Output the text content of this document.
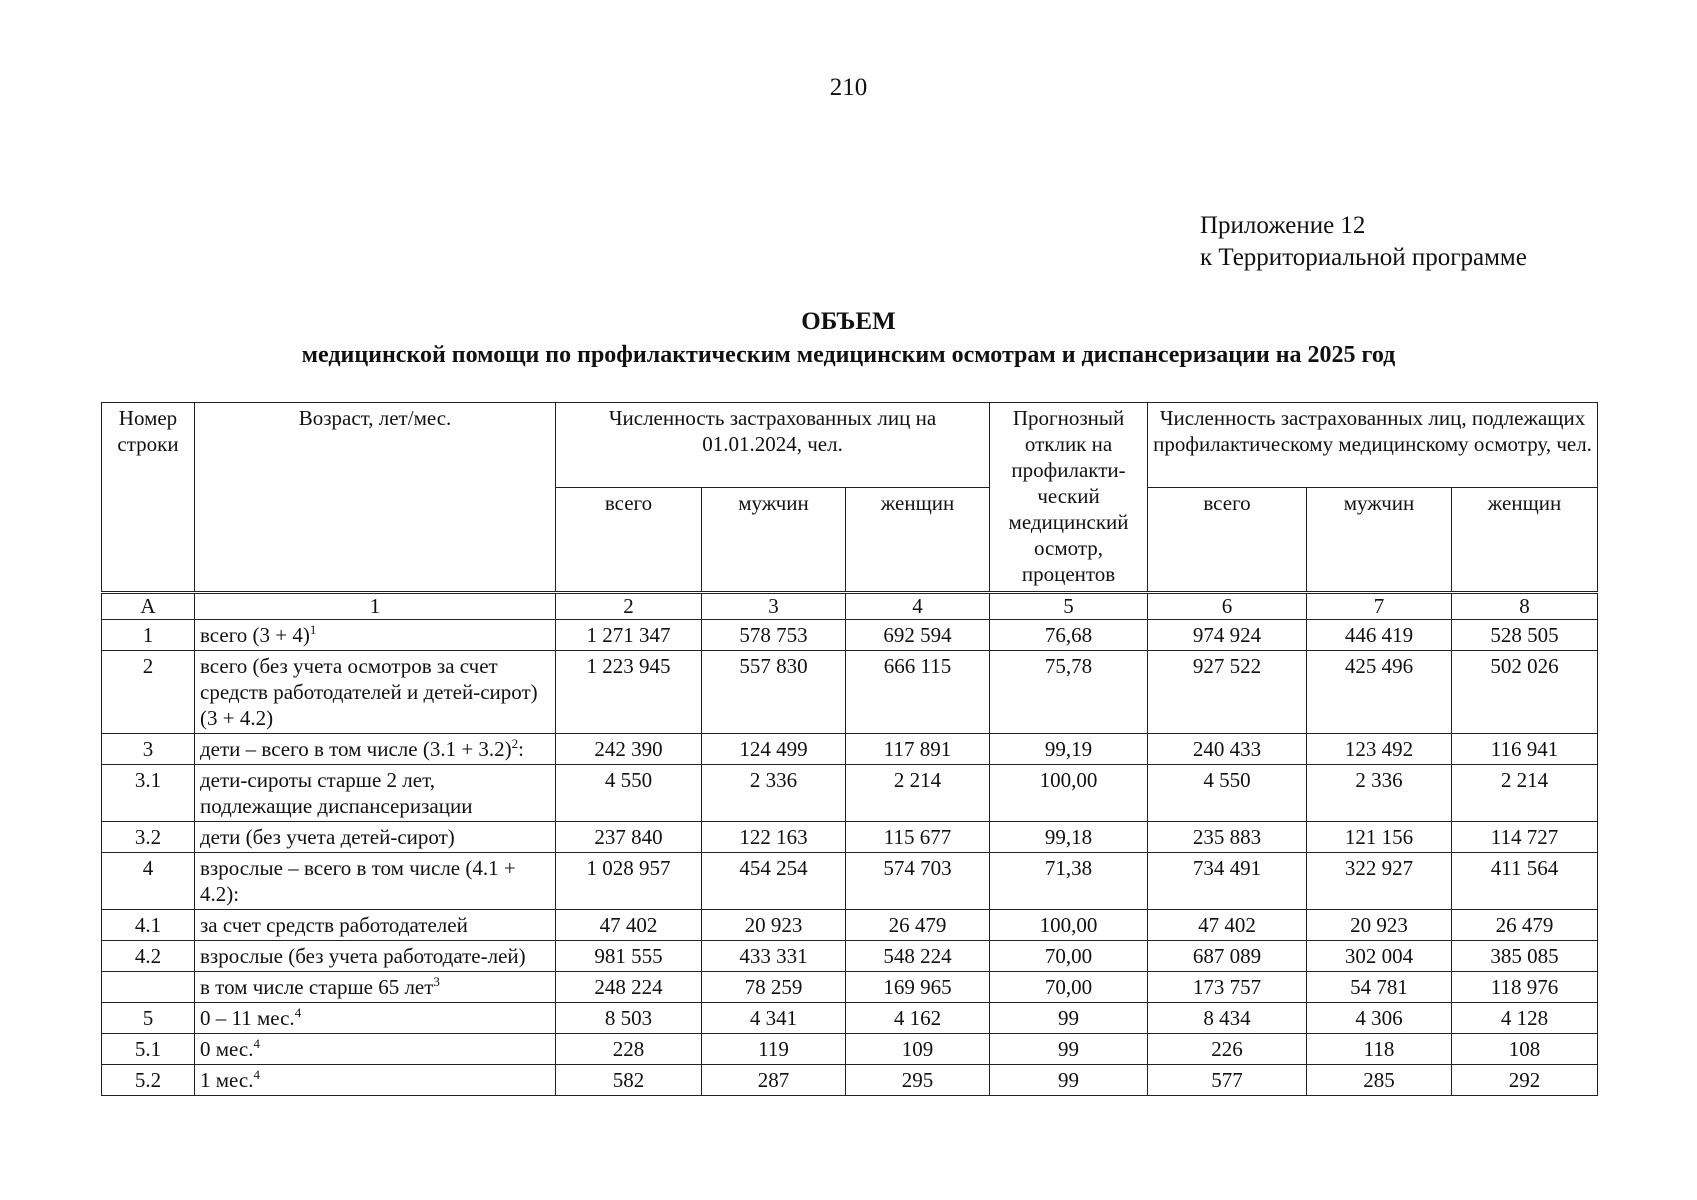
210
Приложение 12
к Территориальной программе
ОБЪЕМ
медицинской помощи по профилактическим медицинским осмотрам и диспансеризации на 2025 год
Номер строки	Возраст, лет/мес.	Численность застрахованных лиц на 01.01.2024, чел.			Прогнозный отклик на профилакти-ческий медицинский осмотр, процентов	Численность застрахованных лиц, подлежащих профилактическому медицинскому осмотру, чел.		
		всего	мужчин	женщин		всего	мужчин	женщин
А	1	2	3	4	5	6	7	8
1	всего $(3 + 4)^1$	1 271 347	578 753	692 594	76,68	974 924	446 419	528 505
2	всего (без учета осмотров за счет средств работодателей и детей-сирот) (3 + 4.2)	1 223 945	557 830	666 115	75,78	927 522	425 496	502 026
3	дети – всего в том числе $(3.1 + 3.2)^2$:	242 390	124 499	117 891	99,19	240 433	123 492	116 941
3.1	дети-сироты старше 2 лет, подлежащие диспансеризации	4 550	2 336	2 214	100,00	4 550	2 336	2 214
3.2	дети (без учета детей-сирот)	237 840	122 163	115 677	99,18	235 883	121 156	114 727
4	взрослые – всего в том числе (4.1 + 4.2):	1 028 957	454 254	574 703	71,38	734 491	322 927	411 564
4.1	за счет средств работодателей	47 402	20 923	26 479	100,00	47 402	20 923	26 479
4.2	взрослые (без учета работодате-лей)	981 555	433 331	548 224	70,00	687 089	302 004	385 085
	в том числе старше 65 лет$^3$	248 224	78 259	169 965	70,00	173 757	54 781	118 976
5	0 – 11 мес.$^4$	8 503	4 341	4 162	99	8 434	4 306	4 128
5.1	0 мес.$^4$	228	119	109	99	226	118	108
5.2	1 мес.$^4$	582	287	295	99	577	285	292
